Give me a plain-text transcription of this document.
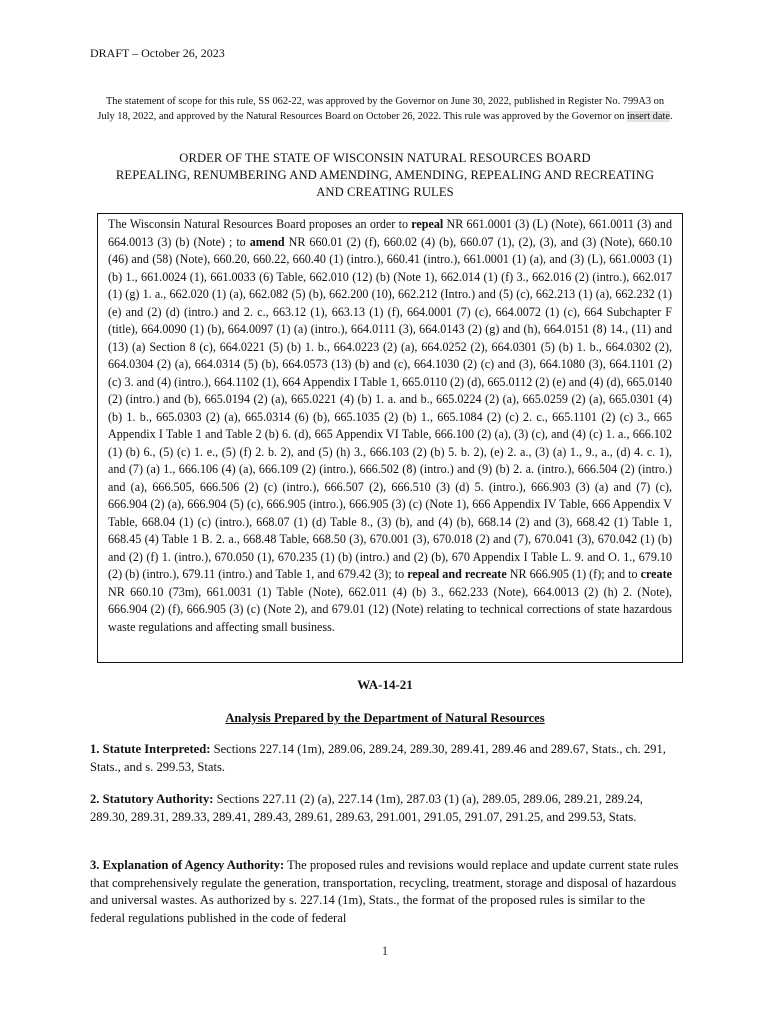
DRAFT – October 26, 2023
The statement of scope for this rule, SS 062-22, was approved by the Governor on June 30, 2022, published in Register No. 799A3 on July 18, 2022, and approved by the Natural Resources Board on October 26, 2022. This rule was approved by the Governor on insert date.
ORDER OF THE STATE OF WISCONSIN NATURAL RESOURCES BOARD
REPEALING, RENUMBERING AND AMENDING, AMENDING, REPEALING AND RECREATING
AND CREATING RULES
The Wisconsin Natural Resources Board proposes an order to repeal NR 661.0001 (3) (L) (Note), 661.0011 (3) and 664.0013 (3) (b) (Note) ; to amend NR 660.01 (2) (f), 660.02 (4) (b), 660.07 (1), (2), (3), and (3) (Note), 660.10 (46) and (58) (Note), 660.20, 660.22, 660.40 (1) (intro.), 660.41 (intro.), 661.0001 (1) (a), and (3) (L), 661.0003 (1) (b) 1., 661.0024 (1), 661.0033 (6) Table, 662.010 (12) (b) (Note 1), 662.014 (1) (f) 3., 662.016 (2) (intro.), 662.017 (1) (g) 1. a., 662.020 (1) (a), 662.082 (5) (b), 662.200 (10), 662.212 (Intro.) and (5) (c), 662.213 (1) (a), 662.232 (1) (e) and (2) (d) (intro.) and 2. c., 663.12 (1), 663.13 (1) (f), 664.0001 (7) (c), 664.0072 (1) (c), 664 Subchapter F (title), 664.0090 (1) (b), 664.0097 (1) (a) (intro.), 664.0111 (3), 664.0143 (2) (g) and (h), 664.0151 (8) 14., (11) and (13) (a) Section 8 (c), 664.0221 (5) (b) 1. b., 664.0223 (2) (a), 664.0252 (2), 664.0301 (5) (b) 1. b., 664.0302 (2), 664.0304 (2) (a), 664.0314 (5) (b), 664.0573 (13) (b) and (c), 664.1030 (2) (c) and (3), 664.1080 (3), 664.1101 (2) (c) 3. and (4) (intro.), 664.1102 (1), 664 Appendix I Table 1, 665.0110 (2) (d), 665.0112 (2) (e) and (4) (d), 665.0140 (2) (intro.) and (b), 665.0194 (2) (a), 665.0221 (4) (b) 1. a. and b., 665.0224 (2) (a), 665.0259 (2) (a), 665.0301 (4) (b) 1. b., 665.0303 (2) (a), 665.0314 (6) (b), 665.1035 (2) (b) 1., 665.1084 (2) (c) 2. c., 665.1101 (2) (c) 3., 665 Appendix I Table 1 and Table 2 (b) 6. (d), 665 Appendix VI Table, 666.100 (2) (a), (3) (c), and (4) (c) 1. a., 666.102 (1) (b) 6., (5) (c) 1. e., (5) (f) 2. b. 2), and (5) (h) 3., 666.103 (2) (b) 5. b. 2), (e) 2. a., (3) (a) 1., 9., a., (d) 4. c. 1), and (7) (a) 1., 666.106 (4) (a), 666.109 (2) (intro.), 666.502 (8) (intro.) and (9) (b) 2. a. (intro.), 666.504 (2) (intro.) and (a), 666.505, 666.506 (2) (c) (intro.), 666.507 (2), 666.510 (3) (d) 5. (intro.), 666.903 (3) (a) and (7) (c), 666.904 (2) (a), 666.904 (5) (c), 666.905 (intro.), 666.905 (3) (c) (Note 1), 666 Appendix IV Table, 666 Appendix V Table, 668.04 (1) (c) (intro.), 668.07 (1) (d) Table 8., (3) (b), and (4) (b), 668.14 (2) and (3), 668.42 (1) Table 1, 668.45 (4) Table 1 B. 2. a., 668.48 Table, 668.50 (3), 670.001 (3), 670.018 (2) and (7), 670.041 (3), 670.042 (1) (b) and (2) (f) 1. (intro.), 670.050 (1), 670.235 (1) (b) (intro.) and (2) (b), 670 Appendix I Table L. 9. and O. 1., 679.10 (2) (b) (intro.), 679.11 (intro.) and Table 1, and 679.42 (3); to repeal and recreate NR 666.905 (1) (f); and to create NR 660.10 (73m), 661.0031 (1) Table (Note), 662.011 (4) (b) 3., 662.233 (Note), 664.0013 (2) (h) 2. (Note), 666.904 (2) (f), 666.905 (3) (c) (Note 2), and 679.01 (12) (Note) relating to technical corrections of state hazardous waste regulations and affecting small business.
WA-14-21
Analysis Prepared by the Department of Natural Resources
1. Statute Interpreted: Sections 227.14 (1m), 289.06, 289.24, 289.30, 289.41, 289.46 and 289.67, Stats., ch. 291, Stats., and s. 299.53, Stats.
2. Statutory Authority: Sections 227.11 (2) (a), 227.14 (1m), 287.03 (1) (a), 289.05, 289.06, 289.21, 289.24, 289.30, 289.31, 289.33, 289.41, 289.43, 289.61, 289.63, 291.001, 291.05, 291.07, 291.25, and 299.53, Stats.
3. Explanation of Agency Authority: The proposed rules and revisions would replace and update current state rules that comprehensively regulate the generation, transportation, recycling, treatment, storage and disposal of hazardous and universal wastes. As authorized by s. 227.14 (1m), Stats., the format of the proposed rules is similar to the federal regulations published in the code of federal
1
